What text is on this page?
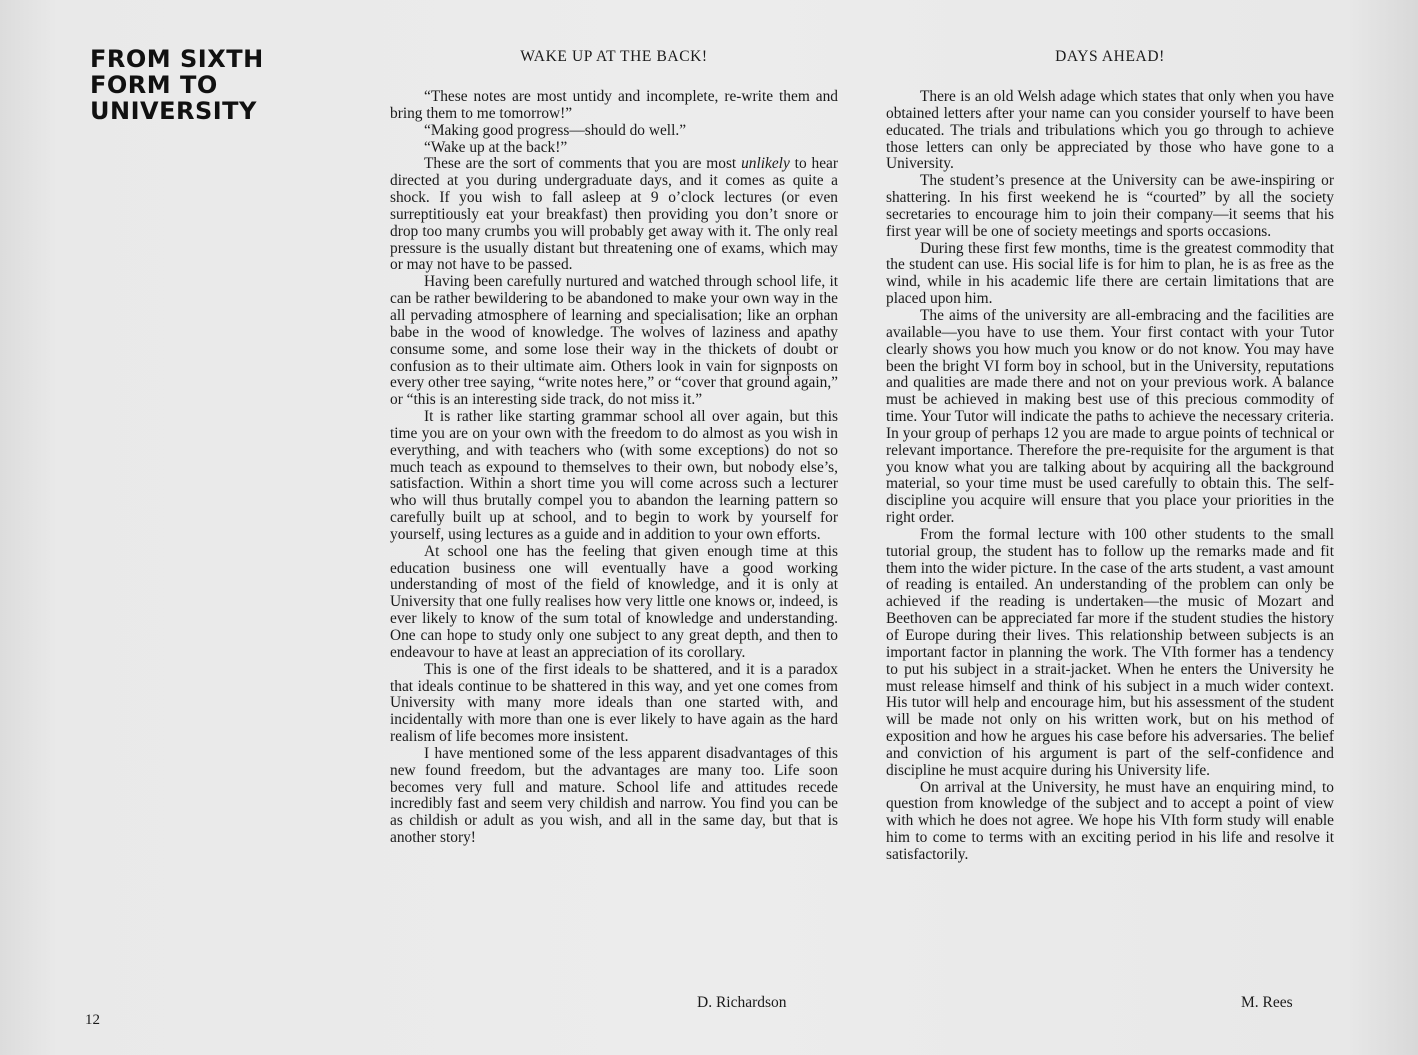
FROM SIXTH
FORM TO
UNIVERSITY
WAKE UP AT THE BACK!

“These notes are most untidy and incomplete, re-write them and bring them to me tomorrow!”

“Making good progress—should do well.”

“Wake up at the back!”

These are the sort of comments that you are most unlikely to hear directed at you during undergraduate days, and it comes as quite a shock. If you wish to fall asleep at 9 o’clock lectures (or even surreptitiously eat your breakfast) then providing you don’t snore or drop too many crumbs you will probably get away with it. The only real pressure is the usually distant but threatening one of exams, which may or may not have to be passed.

Having been carefully nurtured and watched through school life, it can be rather bewildering to be abandoned to make your own way in the all pervading atmosphere of learning and specialisation; like an orphan babe in the wood of knowledge. The wolves of laziness and apathy consume some, and some lose their way in the thickets of doubt or confusion as to their ultimate aim. Others look in vain for signposts on every other tree saying, “write notes here,” or “cover that ground again,” or “this is an interesting side track, do not miss it.”

It is rather like starting grammar school all over again, but this time you are on your own with the freedom to do almost as you wish in everything, and with teachers who (with some exceptions) do not so much teach as expound to themselves to their own, but nobody else’s, satisfaction. Within a short time you will come across such a lecturer who will thus brutally compel you to abandon the learning pattern so carefully built up at school, and to begin to work by yourself for yourself, using lectures as a guide and in addition to your own efforts.

At school one has the feeling that given enough time at this education business one will eventually have a good working understanding of most of the field of knowledge, and it is only at University that one fully realises how very little one knows or, indeed, is ever likely to know of the sum total of knowledge and understanding. One can hope to study only one subject to any great depth, and then to endeavour to have at least an appreciation of its corollary.

This is one of the first ideals to be shattered, and it is a paradox that ideals continue to be shattered in this way, and yet one comes from University with many more ideals than one started with, and incidentally with more than one is ever likely to have again as the hard realism of life becomes more insistent.

I have mentioned some of the less apparent disadvantages of this new found freedom, but the advantages are many too. Life soon becomes very full and mature. School life and attitudes recede incredibly fast and seem very childish and narrow. You find you can be as childish or adult as you wish, and all in the same day, but that is another story!

D. Richardson
DAYS AHEAD!

There is an old Welsh adage which states that only when you have obtained letters after your name can you consider yourself to have been educated. The trials and tribulations which you go through to achieve those letters can only be appreciated by those who have gone to a University.

The student’s presence at the University can be awe-inspiring or shattering. In his first weekend he is “courted” by all the society secretaries to encourage him to join their company—it seems that his first year will be one of society meetings and sports occasions.

During these first few months, time is the greatest commodity that the student can use. His social life is for him to plan, he is as free as the wind, while in his academic life there are certain limitations that are placed upon him.

The aims of the university are all-embracing and the facilities are available—you have to use them. Your first contact with your Tutor clearly shows you how much you know or do not know. You may have been the bright VI form boy in school, but in the University, reputations and qualities are made there and not on your previous work. A balance must be achieved in making best use of this precious commodity of time. Your Tutor will indicate the paths to achieve the necessary criteria. In your group of perhaps 12 you are made to argue points of technical or relevant importance. Therefore the pre-requisite for the argument is that you know what you are talking about by acquiring all the background material, so your time must be used carefully to obtain this. The self-discipline you acquire will ensure that you place your priorities in the right order.

From the formal lecture with 100 other students to the small tutorial group, the student has to follow up the remarks made and fit them into the wider picture. In the case of the arts student, a vast amount of reading is entailed. An understanding of the problem can only be achieved if the reading is undertaken—the music of Mozart and Beethoven can be appreciated far more if the student studies the history of Europe during their lives. This relationship between subjects is an important factor in planning the work. The VIth former has a tendency to put his subject in a strait-jacket. When he enters the University he must release himself and think of his subject in a much wider context. His tutor will help and encourage him, but his assessment of the student will be made not only on his written work, but on his method of exposition and how he argues his case before his adversaries. The belief and conviction of his argument is part of the self-confidence and discipline he must acquire during his University life.

On arrival at the University, he must have an enquiring mind, to question from knowledge of the subject and to accept a point of view with which he does not agree. We hope his VIth form study will enable him to come to terms with an exciting period in his life and resolve it satisfactorily.

M. Rees
12
